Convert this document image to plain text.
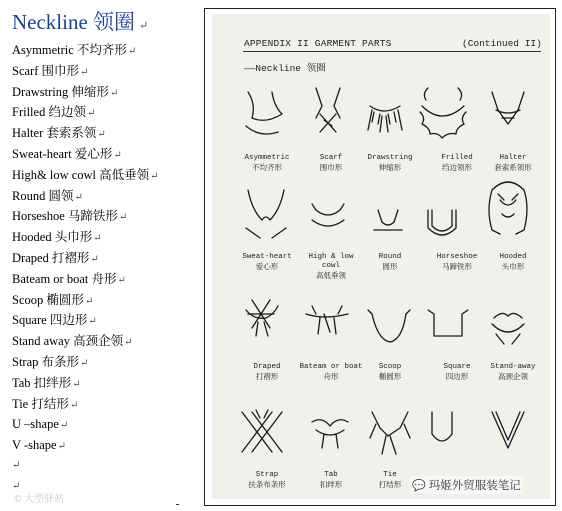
Neckline 领圈 ↵
Asymmetric 不均齐形↵
Scarf 围巾形↵
Drawstring 伸缩形↵
Frilled 绉边领↵
Halter 套索系领↵
Sweat-heart 爱心形↵
High& low cowl 高低垂领↵
Round 圆领↵
Horseshoe 马蹄铁形↵
Hooded 头巾形↵
Draped 打褶形↵
Bateam or boat 舟形↵
Scoop 椭圆形↵
Square 四边形↵
Stand away 高颈企领↵
Strap 布条形↵
Tab 扣绊形↵
Tie 打结形↵
U –shape↵
V -shape↵
↵
↵
© 大型驿站
APPENDIX II GARMENT PARTS	(Continued II)
——Neckline 领圈
Asymmetric
不均齐形
Scarf
围巾形
Drawstring
伸缩形
Frilled
绉边领形
Halter
套索系领形
Sweat-heart
爱心形
High & low cowl
高低垂领
Round
圆形
Horseshoe
马蹄铁形
Hooded
头巾形
Draped
打褶形
Bateam or boat
舟形
Scoop
椭圆形
Square
四边形
Stand-away
高颈企领
Strap
扶条布条形
Tab
扣绊形
Tie
打结形 💬 玛姬外贸服装笔记
